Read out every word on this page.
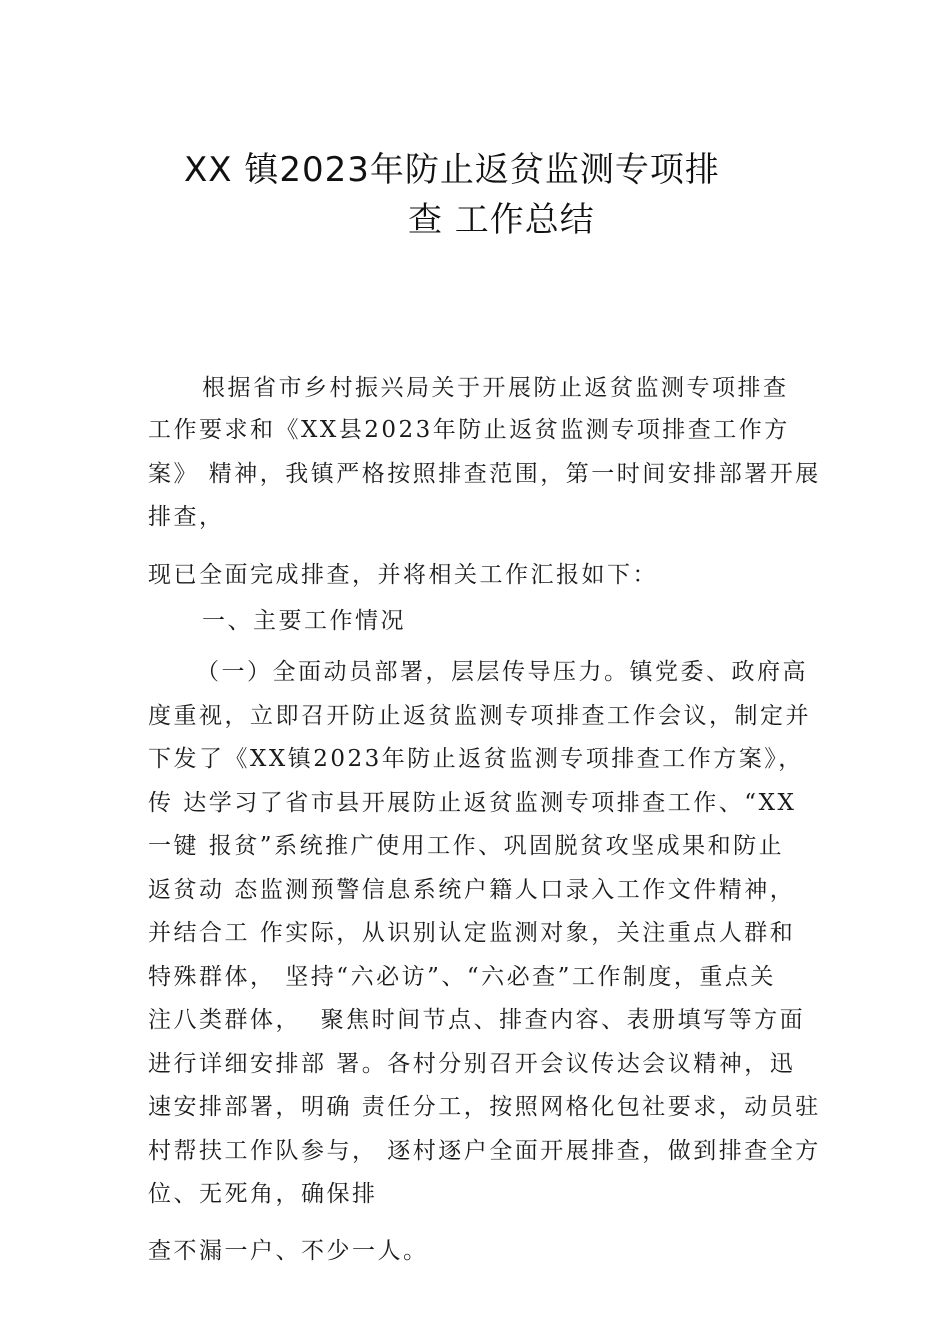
XX 镇2023年防止返贫监测专项排
查 工作总结
根据省市乡村振兴局关于开展防止返贫监测专项排查
工作要求和《XX县2023年防止返贫监测专项排查工作方
案》 精神，我镇严格按照排查范围，第一时间安排部署开展
排查，
现已全面完成排查，并将相关工作汇报如下：
一、主要工作情况
（一）全面动员部署，层层传导压力。镇党委、政府高
度重视，立即召开防止返贫监测专项排查工作会议，制定并
下发了《XX镇2023年防止返贫监测专项排查工作方案》，
传 达学习了省市县开展防止返贫监测专项排查工作、“XX
一键 报贫”系统推广使用工作、巩固脱贫攻坚成果和防止
返贫动 态监测预警信息系统户籍人口录入工作文件精神，
并结合工 作实际，从识别认定监测对象，关注重点人群和
特殊群体， 坚持“六必访”、“六必查”工作制度，重点关
注八类群体，  聚焦时间节点、排查内容、表册填写等方面
进行详细安排部 署。各村分别召开会议传达会议精神，迅
速安排部署，明确 责任分工，按照网格化包社要求，动员驻
村帮扶工作队参与， 逐村逐户全面开展排查，做到排查全方
位、无死角，确保排
查不漏一户、不少一人。
